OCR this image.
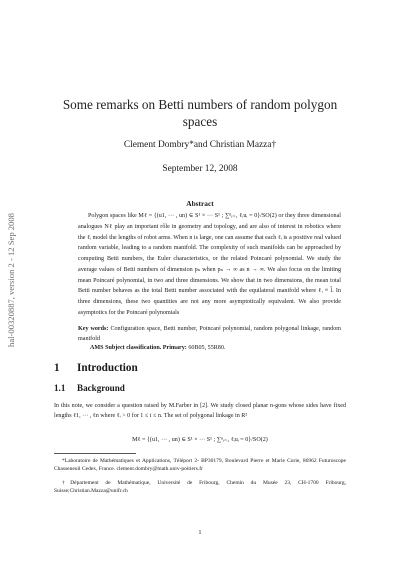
hal-00320887, version 2 - 12 Sep 2008
Some remarks on Betti numbers of random polygon spaces
Clement Dombry*and Christian Mazza†
September 12, 2008
Abstract
Polygon spaces like Mℓ = {(u1, ··· , un) ∈ S¹ × ··· S¹ ; ∑ⁿᵢ₌₁ ℓᵢuᵢ = 0}/SO(2) or they three dimensional analogues Nℓ play an important rôle in geometry and topology, and are also of interest in robotics where the ℓᵢ model the lengths of robot arms. When n is large, one can assume that each ℓᵢ is a positive real valued random variable, leading to a random manifold. The complexity of such manifolds can be approached by computing Betti numbers, the Euler characteristics, or the related Poincaré polynomial. We study the average values of Betti numbers of dimension pₙ when pₙ → ∞ as n → ∞. We also focus on the limiting mean Poincaré polynomial, in two and three dimensions. We show that in two dimensions, the mean total Betti number behaves as the total Betti number associated with the equilateral manifold where ℓᵢ ≡ l̄. In three dimensions, these two quantities are not any more asymptotically equivalent. We also provide asymptotics for the Poincaré polynomials
Key words: Configuration space, Betti number, Poincaré polynomial, random polygonal linkage, random manifold
AMS Subject classification. Primary: 60B05, 55R80.
1 Introduction
1.1 Background
In this note, we consider a question raised by M.Farber in [2]. We study closed planar n-gons whose sides have fixed lengths ℓ1, ··· , ℓn where ℓᵢ > 0 for 1 ≤ i ≤ n. The set of polygonal linkage in R²
Mℓ = {(u1, ··· , un) ∈ S¹ × ··· S¹ ; ∑ⁿᵢ₌₁ ℓᵢuᵢ = 0}/SO(2)
*Laboratoire de Mathématiques et Applications, Téléport 2- BP30179, Boulevard Pierre et Marie Curie, 86962 Futuroscope Chasseneuil Cedex, France. clement.dombry@math.univ-poitiers.fr
†Département de Mathématique, Université de Fribourg, Chemin du Musée 23, CH-1700 Fribourg, Suisse;Christian.Mazza@unifr.ch
1
